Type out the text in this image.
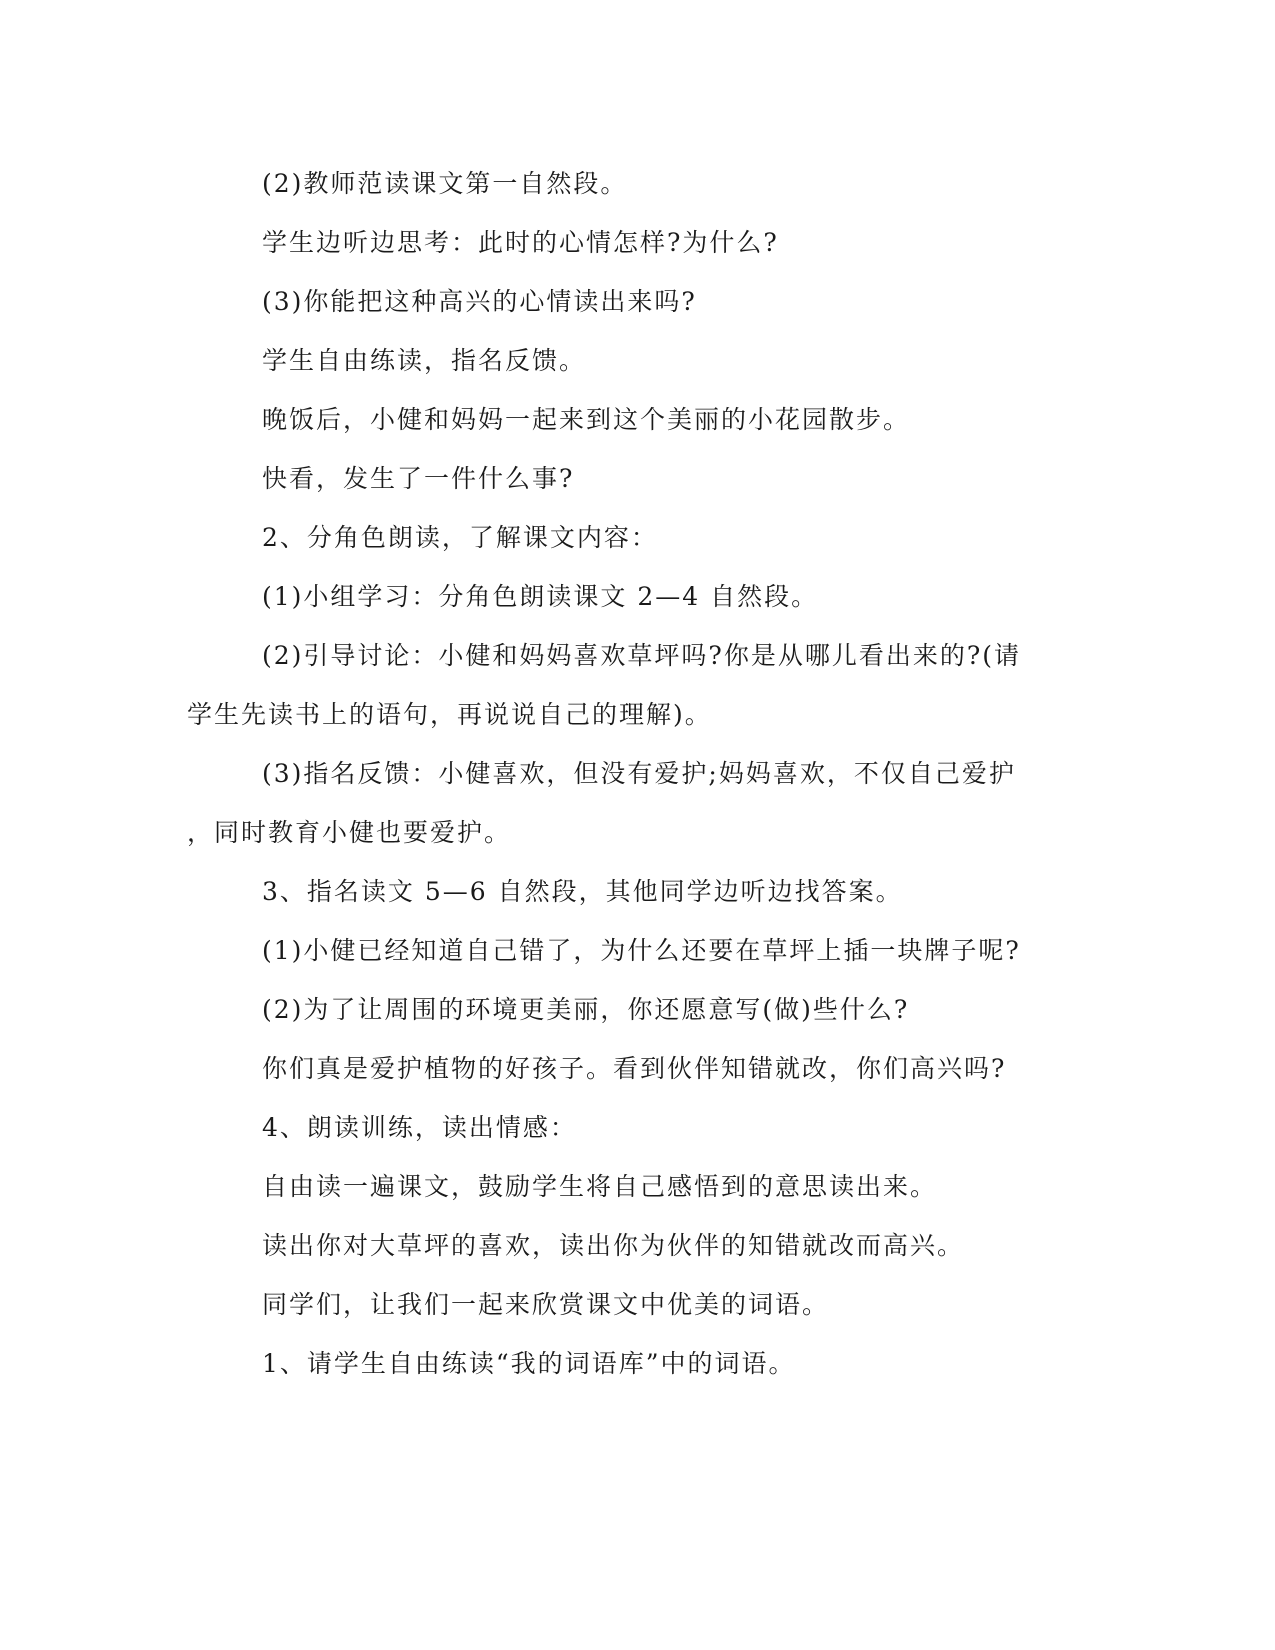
(2)教师范读课文第一自然段。

学生边听边思考：此时的心情怎样?为什么?

(3)你能把这种高兴的心情读出来吗?

学生自由练读，指名反馈。

晚饭后，小健和妈妈一起来到这个美丽的小花园散步。

快看，发生了一件什么事?

2、分角色朗读，了解课文内容：

(1)小组学习：分角色朗读课文 2—4 自然段。

(2)引导讨论：小健和妈妈喜欢草坪吗?你是从哪儿看出来的?(请

学生先读书上的语句，再说说自己的理解)。

(3)指名反馈：小健喜欢，但没有爱护;妈妈喜欢，不仅自己爱护

，同时教育小健也要爱护。

3、指名读文 5—6 自然段，其他同学边听边找答案。

(1)小健已经知道自己错了，为什么还要在草坪上插一块牌子呢?

(2)为了让周围的环境更美丽，你还愿意写(做)些什么?

你们真是爱护植物的好孩子。看到伙伴知错就改，你们高兴吗?

4、朗读训练，读出情感：

自由读一遍课文，鼓励学生将自己感悟到的意思读出来。

读出你对大草坪的喜欢，读出你为伙伴的知错就改而高兴。

同学们，让我们一起来欣赏课文中优美的词语。

1、请学生自由练读“我的词语库”中的词语。
